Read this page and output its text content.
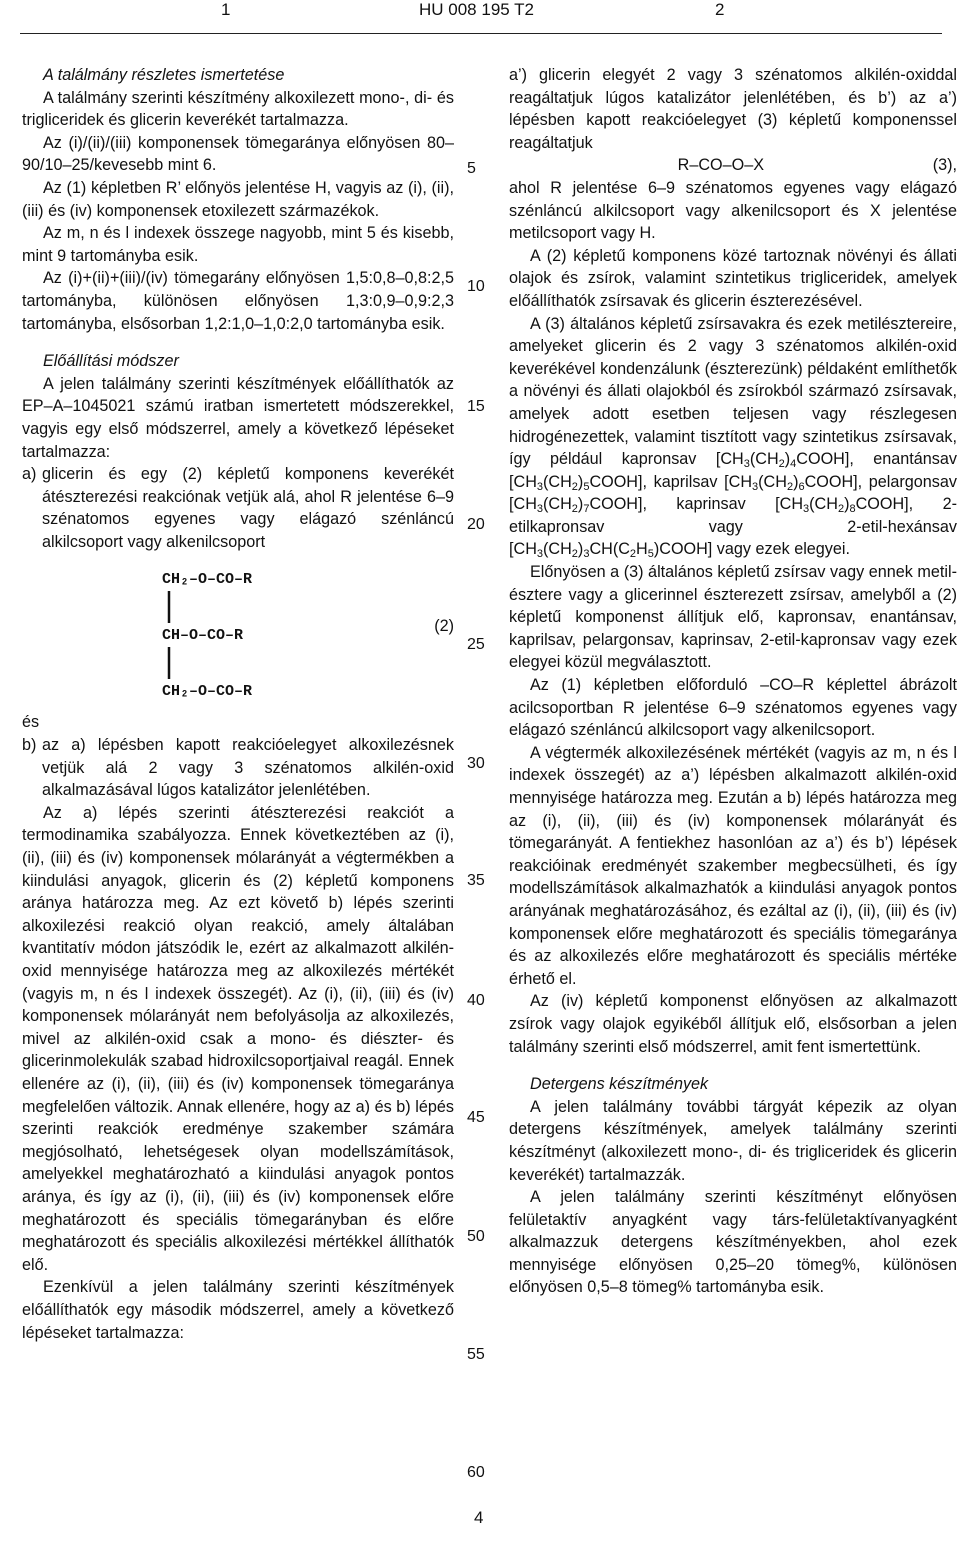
1	HU 008 195 T2	2

A találmány részletes ismertetése

A találmány szerinti készítmény alkoxilezett mono-, di- és trigliceridek és glicerin keverékét tartalmazza.

Az (i)/(ii)/(iii) komponensek tömegaránya előnyösen 80–90/10–25/kevesebb mint 6.

Az (1) képletben R’ előnyös jelentése H, vagyis az (i), (ii), (iii) és (iv) komponensek etoxilezett származékok.

Az m, n és l indexek összege nagyobb, mint 5 és kisebb, mint 9 tartományba esik.

Az (i)+(ii)+(iii)/(iv) tömegarány előnyösen 1,5:0,8–0,8:2,5 tartományba, különösen előnyösen 1,3:0,9–0,9:2,3 tartományba, elsősorban 1,2:1,0–1,0:2,0 tartományba esik.

Előállítási módszer

A jelen találmány szerinti készítmények előállíthatók az EP–A–1045021 számú iratban ismertetett módszerekkel, vagyis egy első módszerrel, amely a következő lépéseket tartalmazza:

a) glicerin és egy (2) képletű komponens keverékét átészterezési reakciónak vetjük alá, ahol R jelentése 6–9 szénatomos egyenes vagy elágazó szénláncú alkilcsoport vagy alkenilcsoport
CH₂–O–CO–R
CH–O–CO–R
CH₂–O–CO–R
(2)

és

b) az a) lépésben kapott reakcióelegyet alkoxilezésnek vetjük alá 2 vagy 3 szénatomos alkilén-oxid alkalmazásával lúgos katalizátor jelenlétében.

Az a) lépés szerinti átészterezési reakciót a termodinamika szabályozza. Ennek következtében az (i), (ii), (iii) és (iv) komponensek mólarányát a végtermékben a kiindulási anyagok, glicerin és (2) képletű komponens aránya határozza meg. Az ezt követő b) lépés szerinti alkoxilezési reakció olyan reakció, amely általában kvantitatív módon játszódik le, ezért az alkalmazott alkilén-oxid mennyisége határozza meg az alkoxilezés mértékét (vagyis m, n és l indexek összegét). Az (i), (ii), (iii) és (iv) komponensek mólarányát nem befolyásolja az alkoxilezés, mivel az alkilén-oxid csak a mono- és diészter- és glicerinmolekulák szabad hidroxilcsoportjaival reagál. Ennek ellenére az (i), (ii), (iii) és (iv) komponensek tömegaránya megfelelően változik. Annak ellenére, hogy az a) és b) lépés szerinti reakciók eredménye szakember számára megjósolható, lehetségesek olyan modellszámítások, amelyekkel meghatározható a kiindulási anyagok pontos aránya, és így az (i), (ii), (iii) és (iv) komponensek előre meghatározott és speciális tömegarányban és előre meghatározott és speciális alkoxilezési mértékkel állíthatók elő.

Ezenkívül a jelen találmány szerinti készítmények előállíthatók egy második módszerrel, amely a következő lépéseket tartalmazza:

5
10
15
20
25
30
35
40
45
50
55
60

a’) glicerin elegyét 2 vagy 3 szénatomos alkilén-oxiddal reagáltatjuk lúgos katalizátor jelenlétében, és b’) az a’) lépésben kapott reakcióelegyet (3) képletű komponenssel reagáltatjuk

R–CO–O–X	(3),

ahol R jelentése 6–9 szénatomos egyenes vagy elágazó szénláncú alkilcsoport vagy alkenilcsoport és X jelentése metilcsoport vagy H.

A (2) képletű komponens közé tartoznak növényi és állati olajok és zsírok, valamint szintetikus trigliceridek, amelyek előállíthatók zsírsavak és glicerin észterezésével.

A (3) általános képletű zsírsavakra és ezek metilésztereire, amelyeket glicerin és 2 vagy 3 szénatomos alkilén-oxid keverékével kondenzálunk (észterezünk) példaként említhetők a növényi és állati olajokból és zsírokból származó zsírsavak, amelyek adott esetben teljesen vagy részlegesen hidrogénezettek, valamint tisztított vagy szintetikus zsírsavak, így például kapronsav $[CH_3(CH_2)_4COOH]$, enantánsav $[CH_3(CH_2)_5COOH]$, kaprilsav $[CH_3(CH_2)_6COOH]$, pelargonsav $[CH_3(CH_2)_7COOH]$, kaprinsav $[CH_3(CH_2)_8COOH]$, 2-etilkapronsav vagy 2-etil-hexánsav $[CH_3(CH_2)_3CH(C_2H_5)COOH]$ vagy ezek elegyei.

Előnyösen a (3) általános képletű zsírsav vagy ennek metil-észtere vagy a glicerinnel észterezett zsírsav, amelyből a (2) képletű komponenst állítjuk elő, kapronsav, enantánsav, kaprilsav, pelargonsav, kaprinsav, 2-etil-kapronsav vagy ezek elegyei közül megválasztott.

Az (1) képletben előforduló –CO–R képlettel ábrázolt acilcsoportban R jelentése 6–9 szénatomos egyenes vagy elágazó szénláncú alkilcsoport vagy alkenilcsoport.

A végtermék alkoxilezésének mértékét (vagyis az m, n és l indexek összegét) az a’) lépésben alkalmazott alkilén-oxid mennyisége határozza meg. Ezután a b) lépés határozza meg az (i), (ii), (iii) és (iv) komponensek mólarányát és tömegarányát. A fentiekhez hasonlóan az a’) és b’) lépések reakcióinak eredményét szakember megbecsülheti, és így modellszámítások alkalmazhatók a kiindulási anyagok pontos arányának meghatározásához, és ezáltal az (i), (ii), (iii) és (iv) komponensek előre meghatározott és speciális tömegaránya és az alkoxilezés előre meghatározott és speciális mértéke érhető el.

Az (iv) képletű komponenst előnyösen az alkalmazott zsírok vagy olajok egyikéből állítjuk elő, elsősorban a jelen találmány szerinti első módszerrel, amit fent ismertettünk.

Detergens készítmények

A jelen találmány további tárgyát képezik az olyan detergens készítmények, amelyek találmány szerinti készítményt (alkoxilezett mono-, di- és trigliceridek és glicerin keverékét) tartalmazzák.

A jelen találmány szerinti készítményt előnyösen felületaktív anyagként vagy társ-felületaktívanyagként alkalmazzuk detergens készítményekben, ahol ezek mennyisége előnyösen 0,25–20 tömeg%, különösen előnyösen 0,5–8 tömeg% tartományba esik.

4
